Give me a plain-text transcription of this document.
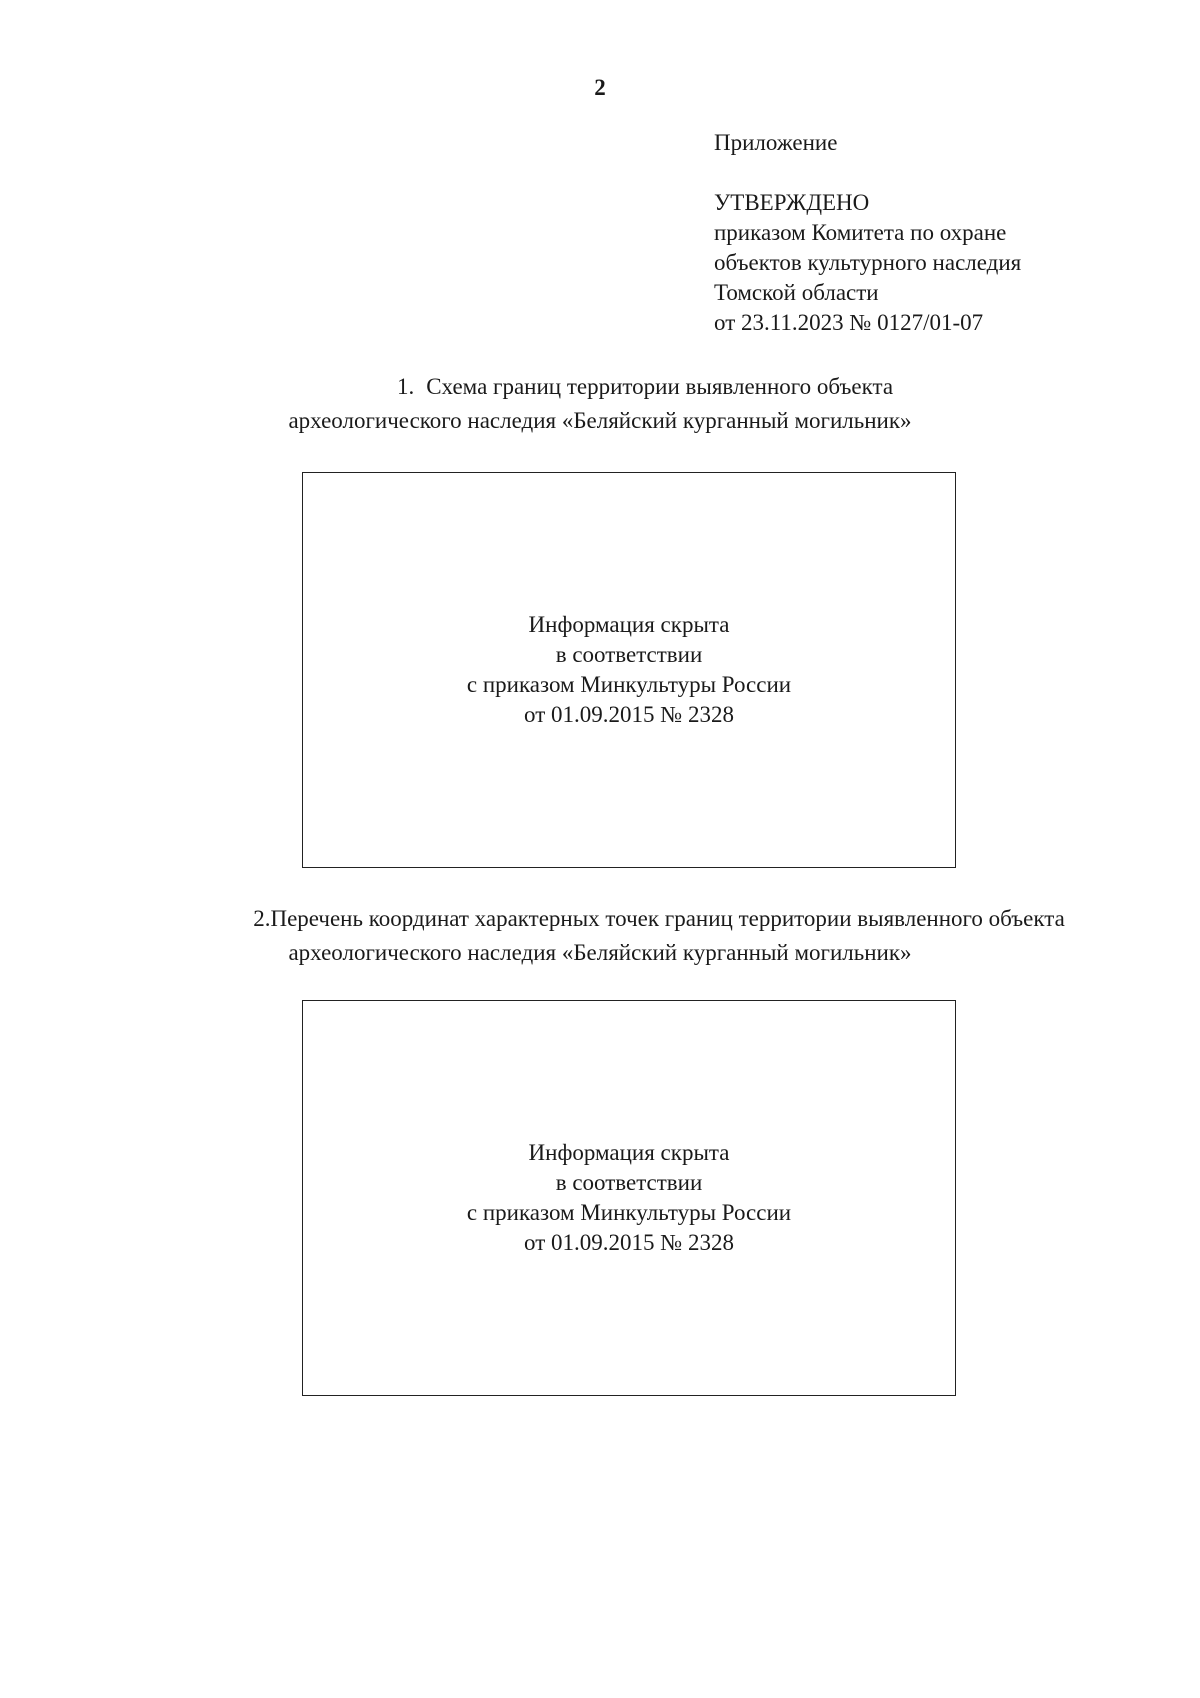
2

Приложение

УТВЕРЖДЕНО
приказом Комитета по охране
объектов культурного наследия
Томской области
от 23.11.2023 № 0127/01-07
1. Схема границ территории выявленного объекта
археологического наследия «Беляйский курганный могильник»
Информация скрыта
в соответствии
с приказом Минкультуры России
от 01.09.2015 № 2328
2.Перечень координат характерных точек границ территории выявленного объекта
археологического наследия «Беляйский курганный могильник»
Информация скрыта
в соответствии
с приказом Минкультуры России
от 01.09.2015 № 2328
